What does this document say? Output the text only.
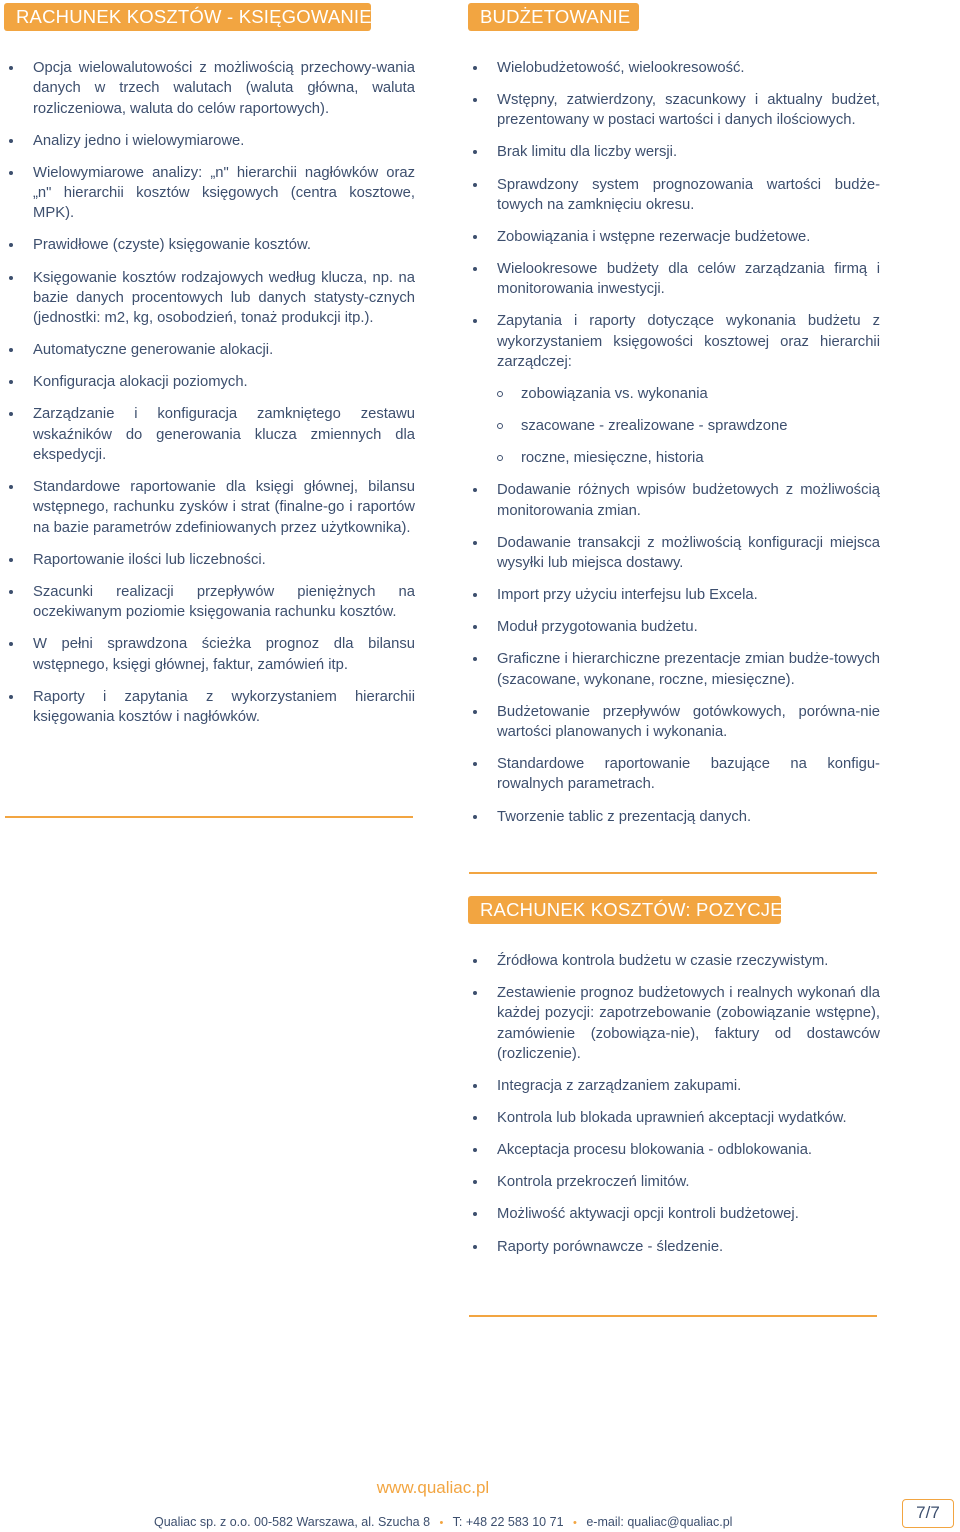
RACHUNEK KOSZTÓW - KSIĘGOWANIE
Opcja wielowalutowości z możliwością przechowy-wania danych w trzech walutach (waluta główna, waluta rozliczeniowa, waluta do celów raportowych).
Analizy jedno i wielowymiarowe.
Wielowymiarowe analizy: „n" hierarchii nagłówków oraz „n" hierarchii kosztów księgowych (centra kosztowe, MPK).
Prawidłowe (czyste) księgowanie kosztów.
Księgowanie kosztów rodzajowych według klucza, np. na bazie danych procentowych lub danych statysty-cznych (jednostki: m2, kg, osobodzień, tonaż produkcji itp.).
Automatyczne generowanie alokacji.
Konfiguracja alokacji poziomych.
Zarządzanie i konfiguracja zamkniętego zestawu wskaźników do generowania klucza zmiennych dla ekspedycji.
Standardowe raportowanie dla księgi głównej, bilansu wstępnego, rachunku zysków i strat (finalne-go i raportów na bazie parametrów zdefiniowanych przez użytkownika).
Raportowanie ilości lub liczebności.
Szacunki realizacji przepływów pieniężnych na oczekiwanym poziomie księgowania rachunku kosztów.
W pełni sprawdzona ścieżka prognoz dla bilansu wstępnego, księgi głównej, faktur, zamówień itp.
Raporty i zapytania z wykorzystaniem hierarchii księgowania kosztów i nagłówków.
BUDŻETOWANIE
Wielobudżetowość, wielookresowość.
Wstępny, zatwierdzony, szacunkowy i aktualny budżet, prezentowany w postaci wartości i danych ilościowych.
Brak limitu dla liczby wersji.
Sprawdzony system prognozowania wartości budże-towych na zamknięciu okresu.
Zobowiązania i wstępne rezerwacje budżetowe.
Wielookresowe budżety dla celów zarządzania firmą i monitorowania inwestycji.
Zapytania i raporty dotyczące wykonania budżetu z wykorzystaniem księgowości kosztowej oraz hierarchii zarządczej:
zobowiązania vs. wykonania
szacowane - zrealizowane - sprawdzone
roczne, miesięczne, historia
Dodawanie różnych wpisów budżetowych z możliwością monitorowania zmian.
Dodawanie transakcji z możliwością konfiguracji miejsca wysyłki lub miejsca dostawy.
Import przy użyciu interfejsu lub Excela.
Moduł przygotowania budżetu.
Graficzne i hierarchiczne prezentacje zmian budże-towych (szacowane, wykonane, roczne, miesięczne).
Budżetowanie przepływów gotówkowych, porówna-nie wartości planowanych i wykonania.
Standardowe raportowanie bazujące na konfigu-rowalnych parametrach.
Tworzenie tablic z prezentacją danych.
RACHUNEK KOSZTÓW: POZYCJE
Źródłowa kontrola budżetu w czasie rzeczywistym.
Zestawienie prognoz budżetowych i realnych wykonań dla każdej pozycji: zapotrzebowanie (zobowiązanie wstępne), zamówienie (zobowiąza-nie), faktury od dostawców (rozliczenie).
Integracja z zarządzaniem zakupami.
Kontrola lub blokada uprawnień akceptacji wydatków.
Akceptacja procesu blokowania - odblokowania.
Kontrola przekroczeń limitów.
Możliwość aktywacji opcji kontroli budżetowej.
Raporty porównawcze - śledzenie.
www.qualiac.pl
Qualiac sp. z o.o. 00-582 Warszawa, al. Szucha 8 • T: +48 22 583 10 71 • e-mail: qualiac@qualiac.pl	7/7
